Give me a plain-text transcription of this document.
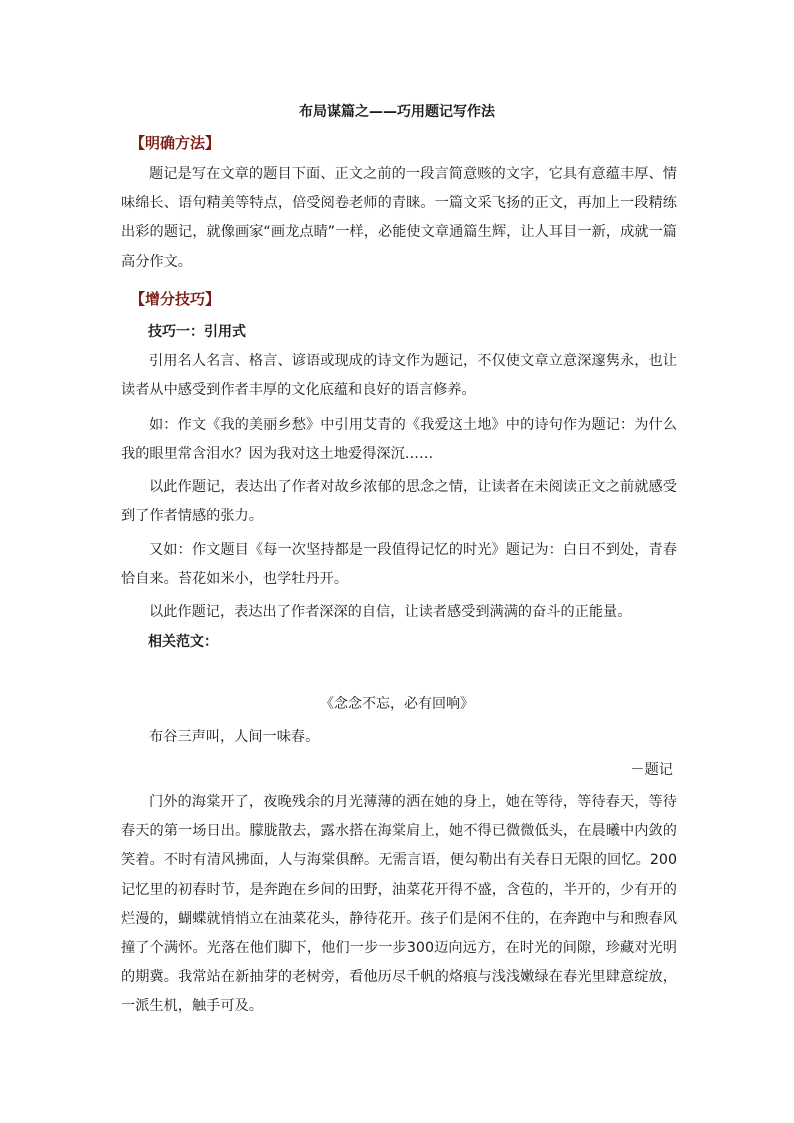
布局谋篇之——巧用题记写作法
【明确方法】
题记是写在文章的题目下面、正文之前的一段言简意赅的文字，它具有意蕴丰厚、情味绵长、语句精美等特点，倍受阅卷老师的青睐。一篇文采飞扬的正文，再加上一段精练出彩的题记，就像画家“画龙点睛”一样，必能使文章通篇生辉，让人耳目一新，成就一篇高分作文。
【增分技巧】
技巧一：引用式
引用名人名言、格言、谚语或现成的诗文作为题记，不仅使文章立意深邃隽永，也让读者从中感受到作者丰厚的文化底蕴和良好的语言修养。
如：作文《我的美丽乡愁》中引用艾青的《我爱这土地》中的诗句作为题记：为什么我的眼里常含泪水？因为我对这土地爱得深沉……
以此作题记，表达出了作者对故乡浓郁的思念之情，让读者在未阅读正文之前就感受到了作者情感的张力。
又如：作文题目《每一次坚持都是一段值得记忆的时光》题记为：白日不到处，青春恰自来。苔花如米小，也学牡丹开。
以此作题记，表达出了作者深深的自信，让读者感受到满满的奋斗的正能量。
相关范文：
《念念不忘，必有回响》
布谷三声叫，人间一味春。
－题记
门外的海棠开了，夜晚残余的月光薄薄的洒在她的身上，她在等待，等待春天，等待春天的第一场日出。朦胧散去，露水搭在海棠肩上，她不得已微微低头，在晨曦中内敛的笑着。不时有清风拂面，人与海棠俱醉。无需言语，便勾勒出有关春日无限的回忆。200记忆里的初春时节，是奔跑在乡间的田野，油菜花开得不盛，含苞的，半开的，少有开的烂漫的，蝴蝶就悄悄立在油菜花头，静待花开。孩子们是闲不住的，在奔跑中与和煦春风撞了个满怀。光落在他们脚下，他们一步一步300迈向远方，在时光的间隙，珍藏对光明的期冀。我常站在新抽芽的老树旁，看他历尽千帆的烙痕与浅浅嫩绿在春光里肆意绽放，一派生机，触手可及。
